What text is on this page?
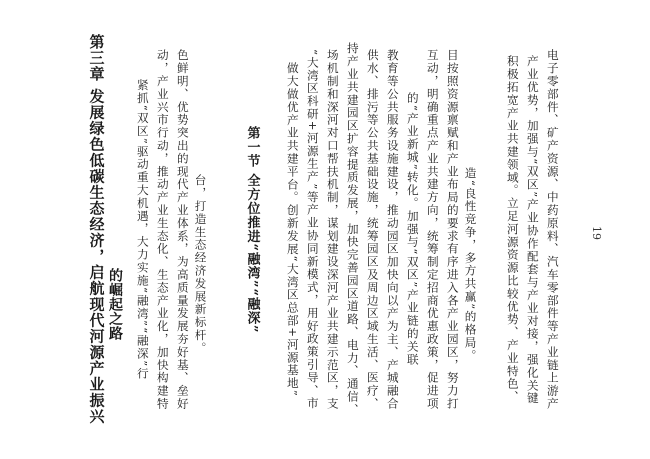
第三章 发展绿色低碳生态经济，启航现代河源产业振兴 的崛起之路 紧抓“双区”驱动重大机遇，大力实施“融湾”“融深”行 动，产业兴市行动，推动产业生态化、生态产业化，加快构建特 色鲜明、优势突出的现代产业体系，为高质量发展夯好基、垒好 台，打造生态经济发展新标杆。	第一节 全方位推进“融湾”“融深” 做大做优产业共建平台。创新发展“大湾区总部+河源基地” “大湾区科研+河源生产”等产业协同新模式，用好政策引导、市 场机制和深河对口帮扶机制，谋划建设深河产业共建示范区，支 持产业共建园区扩容提质发展，加快完善园区道路、电力、通信、 供水、排污等公共基础设施，统筹园区及周边区域生活、医疗、 教育等公共服务设施建设，推动园区加快向以产为主、产城融合 的“产业新城”转化。加强与“双区”产业链的关联 互动，明确重点产业共建方向，统筹制定招商优惠政策，促进项 目按照资源禀赋和产业布局的要求有序进入各产业园区，努力打 造“良性竞争，多方共赢”的格局。 积极拓宽产业共建领域。立足河源资源比较优势、产业特色、 产业优势，加强与“双区”产业协作配套与产业对接，强化关键 电子零部件、矿产资源、中药原料、汽车零部件等产业链上游产	19
